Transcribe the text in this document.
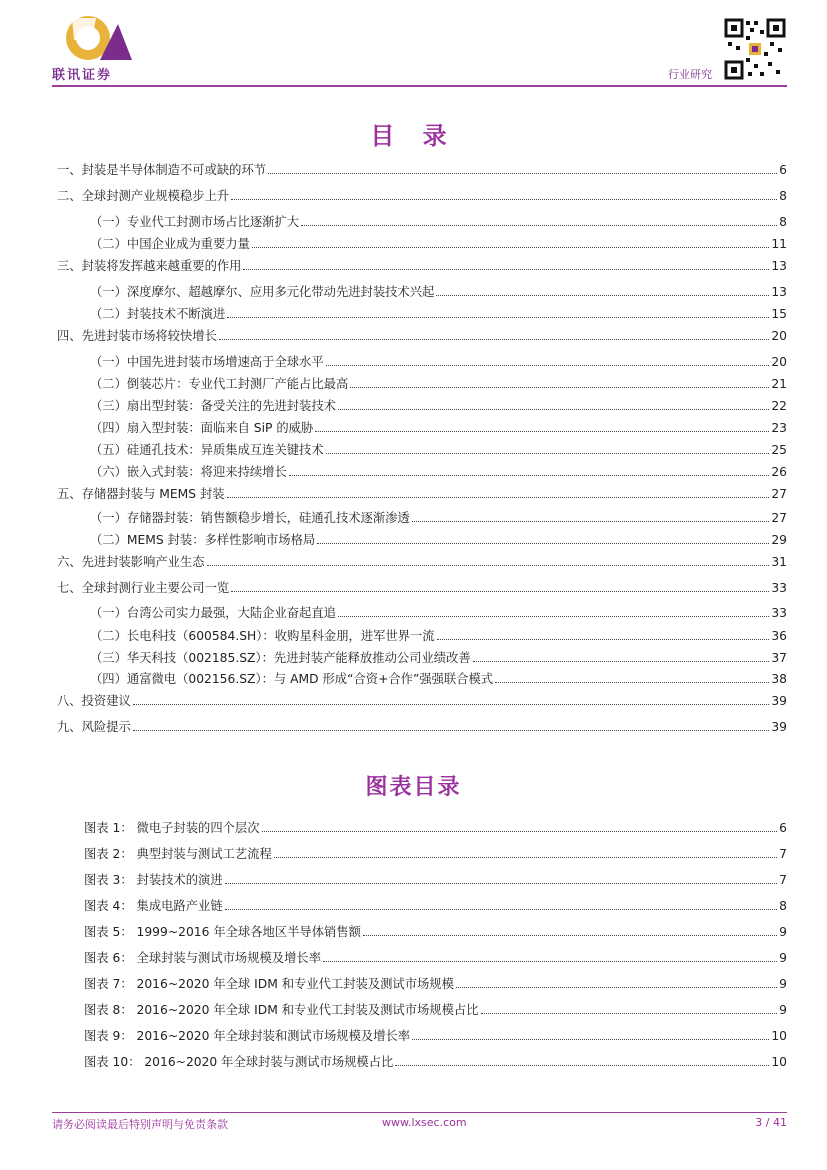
联讯证券	行业研究
目 录
一、封装是半导体制造不可或缺的环节	6
二、全球封测产业规模稳步上升	8
（一）专业代工封测市场占比逐渐扩大	8
（二）中国企业成为重要力量	11
三、封装将发挥越来越重要的作用	13
（一）深度摩尔、超越摩尔、应用多元化带动先进封装技术兴起	13
（二）封装技术不断演进	15
四、先进封装市场将较快增长	20
（一）中国先进封装市场增速高于全球水平	20
（二）倒装芯片：专业代工封测厂产能占比最高	21
（三）扇出型封装：备受关注的先进封装技术	22
（四）扇入型封装：面临来自 SiP 的威胁	23
（五）硅通孔技术：异质集成互连关键技术	25
（六）嵌入式封装：将迎来持续增长	26
五、存储器封装与 MEMS 封装	27
（一）存储器封装：销售额稳步增长，硅通孔技术逐渐渗透	27
（二）MEMS 封装：多样性影响市场格局	29
六、先进封装影响产业生态	31
七、全球封测行业主要公司一览	33
（一）台湾公司实力最强，大陆企业奋起直追	33
（二）长电科技（600584.SH）：收购星科金朋，进军世界一流	36
（三）华天科技（002185.SZ）：先进封装产能释放推动公司业绩改善	37
（四）通富微电（002156.SZ）：与 AMD 形成“合资+合作”强强联合模式	38
八、投资建议	39
九、风险提示	39
图表目录
图表 1： 微电子封装的四个层次	6
图表 2： 典型封装与测试工艺流程	7
图表 3： 封装技术的演进	7
图表 4： 集成电路产业链	8
图表 5： 1999~2016 年全球各地区半导体销售额	9
图表 6： 全球封装与测试市场规模及增长率	9
图表 7： 2016~2020 年全球 IDM 和专业代工封装及测试市场规模	9
图表 8： 2016~2020 年全球 IDM 和专业代工封装及测试市场规模占比	9
图表 9： 2016~2020 年全球封装和测试市场规模及增长率	10
图表 10： 2016~2020 年全球封装与测试市场规模占比	10
请务必阅读最后特别声明与免责条款	www.lxsec.com	3 / 41
